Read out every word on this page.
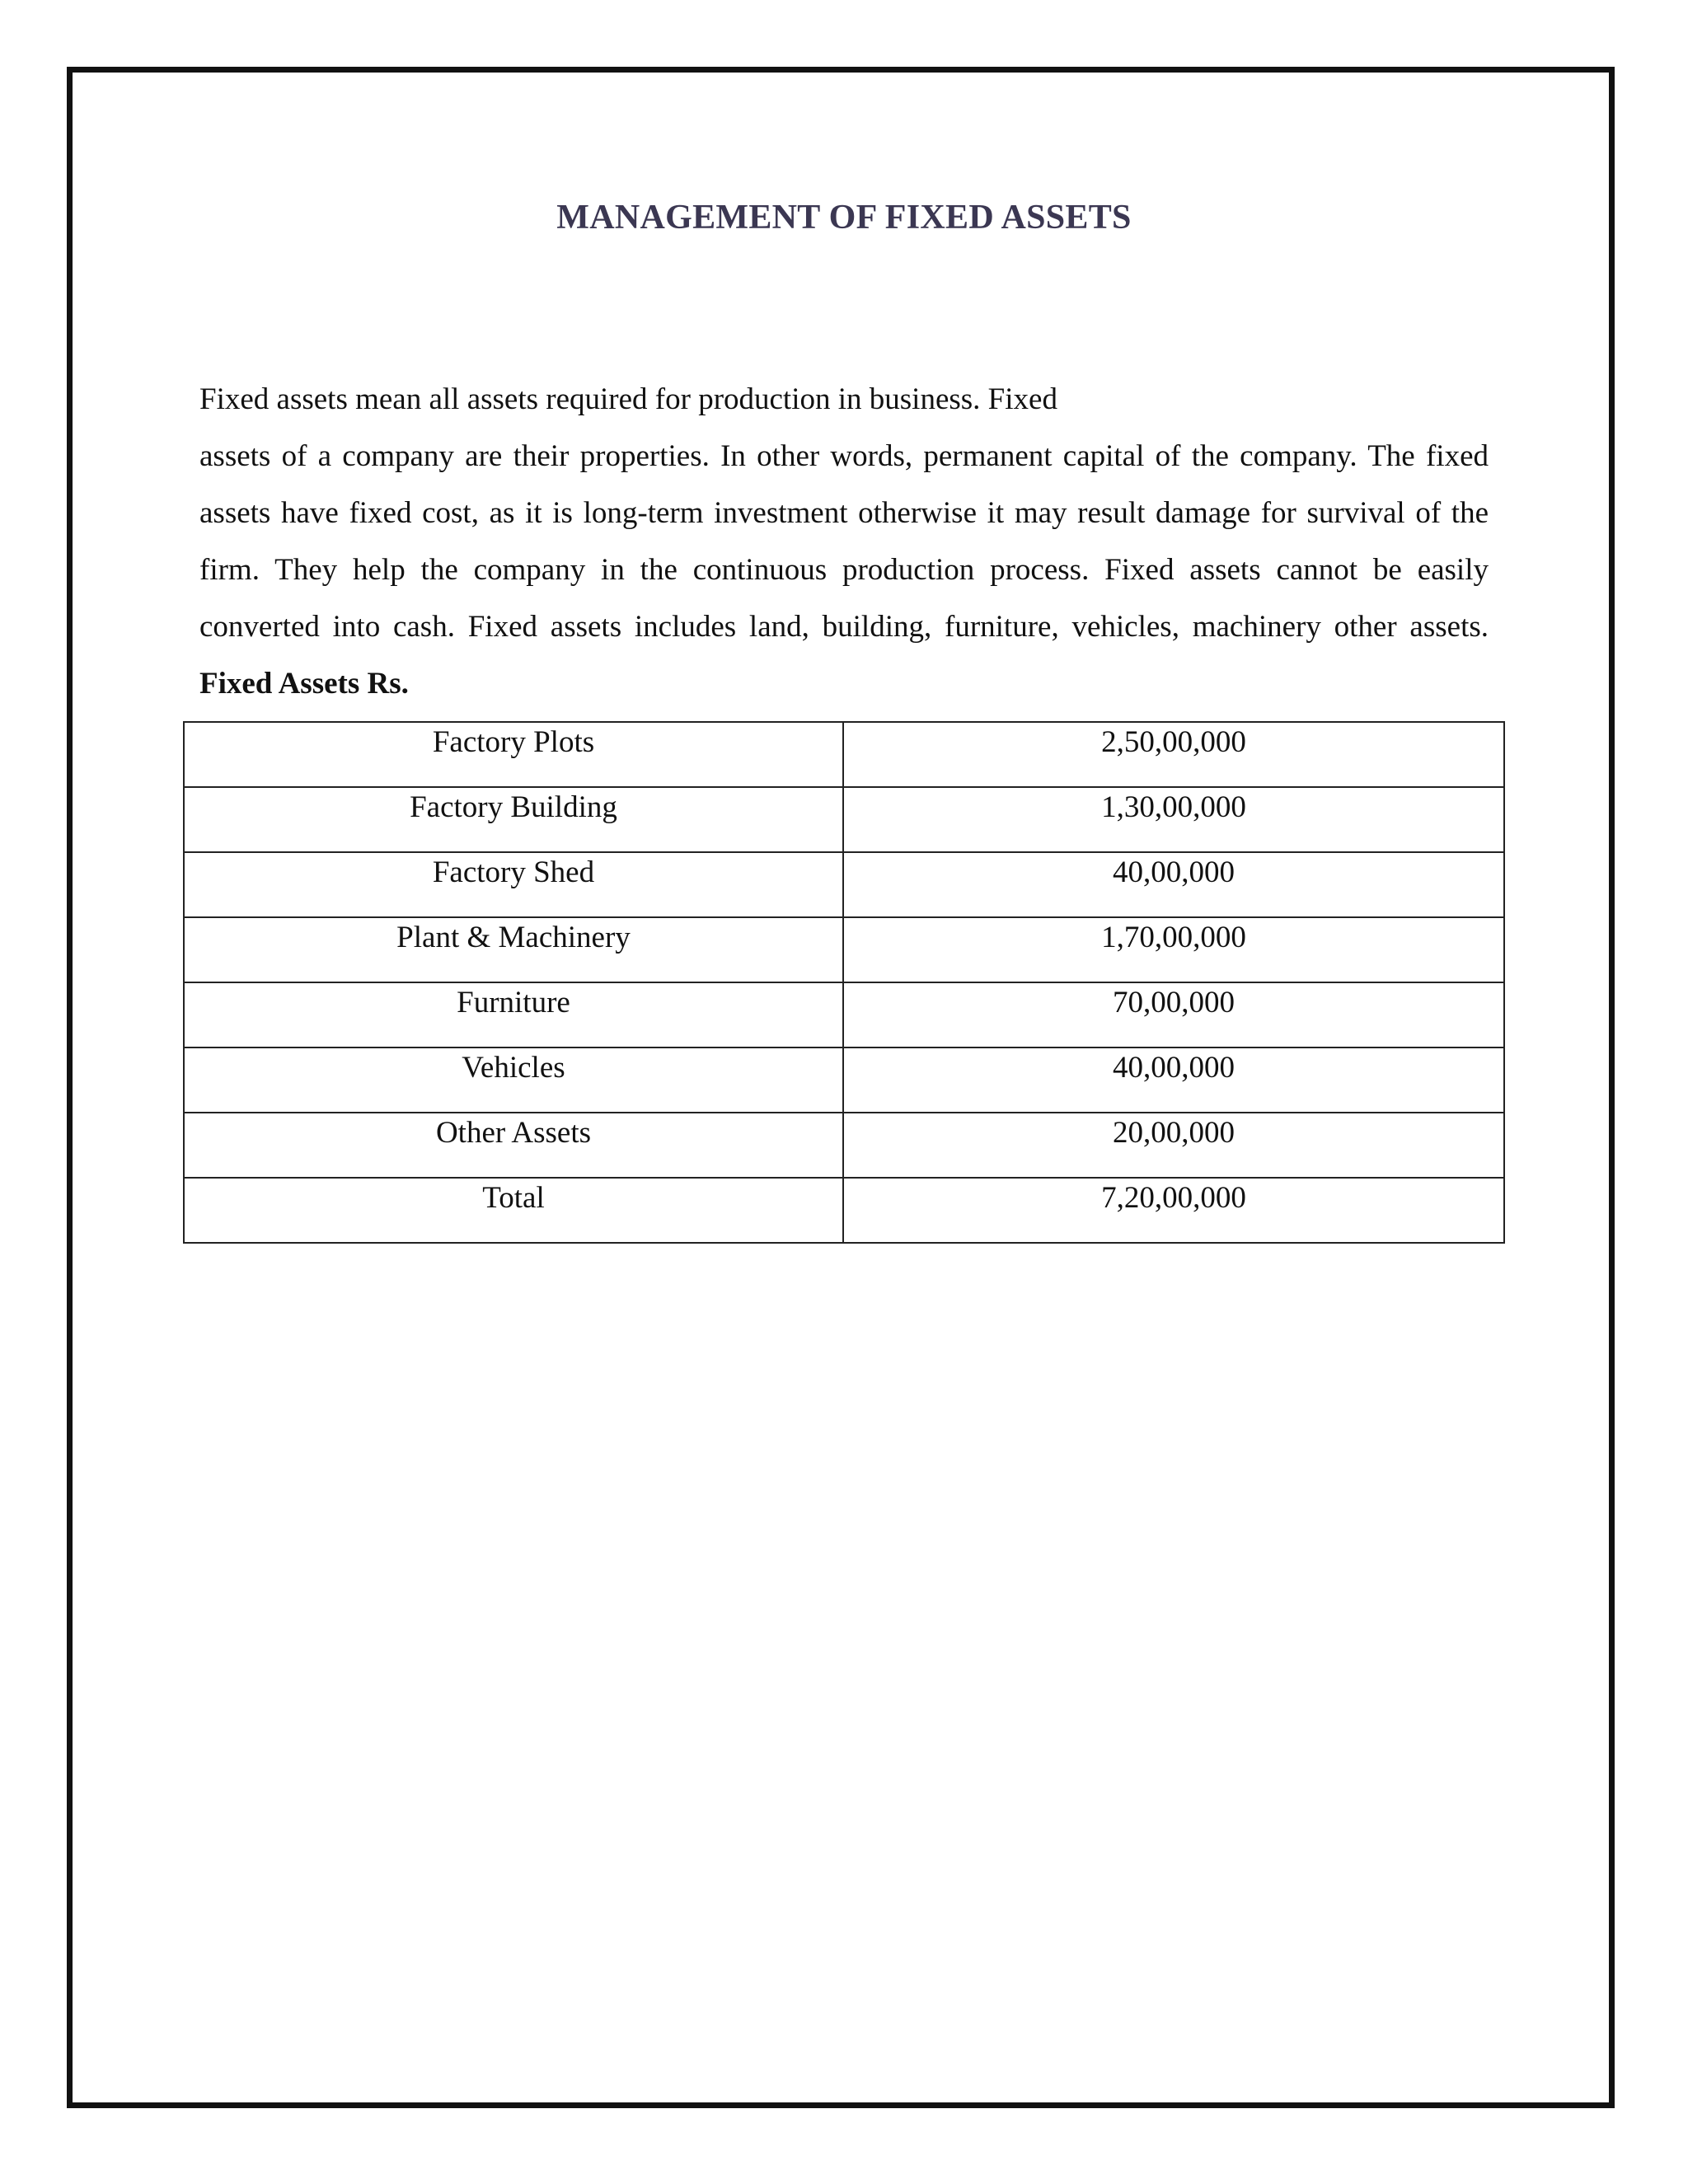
MANAGEMENT OF FIXED ASSETS

Fixed assets mean all assets required for production in business. Fixed

assets of a company are their properties. In other words, permanent capital of the company. The fixed assets have fixed cost, as it is long-term investment otherwise it may result damage for survival of the firm. They help the company in the continuous production process. Fixed assets cannot be easily converted into cash. Fixed assets includes land, building, furniture, vehicles, machinery other assets. Fixed Assets Rs.

Factory Plots	2,50,00,000

Factory Building	1,30,00,000

Factory Shed	40,00,000

Plant & Machinery	1,70,00,000

Furniture	70,00,000

Vehicles	40,00,000

Other Assets	20,00,000

Total	7,20,00,000
